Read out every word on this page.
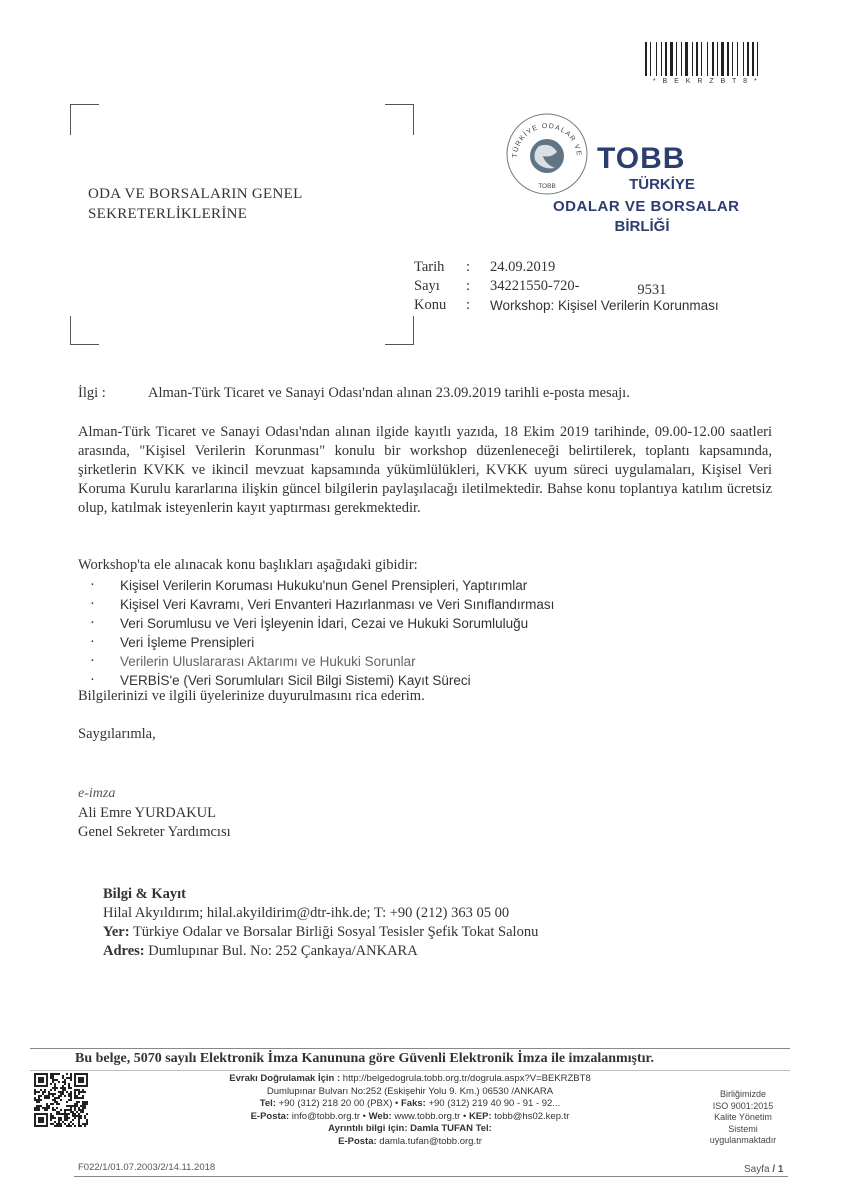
* B E K R Z B T 8 *
TÜRKİYE ODALAR VE
TOBB
TOBB
TÜRKİYE
ODALAR VE BORSALAR
BİRLİĞİ
ODA VE BORSALARIN GENEL
SEKRETERLİKLERİNE
Tarih	:	24.09.2019
Sayı	:	34221550-720-	9531
Konu	:	Workshop: Kişisel Verilerin Korunması
İlgi :	Alman-Türk Ticaret ve Sanayi Odası'ndan alınan 23.09.2019 tarihli e-posta mesajı.
Alman-Türk Ticaret ve Sanayi Odası'ndan alınan ilgide kayıtlı yazıda, 18 Ekim 2019 tarihinde, 09.00-12.00 saatleri arasında, "Kişisel Verilerin Korunması" konulu bir workshop düzenleneceği belirtilerek, toplantı kapsamında, şirketlerin KVKK ve ikincil mevzuat kapsamında yükümlülükleri, KVKK uyum süreci uygulamaları, Kişisel Veri Koruma Kurulu kararlarına ilişkin güncel bilgilerin paylaşılacağı iletilmektedir. Bahse konu toplantıya katılım ücretsiz olup, katılmak isteyenlerin kayıt yaptırması gerekmektedir.
Workshop'ta ele alınacak konu başlıkları aşağıdaki gibidir:
·	Kişisel Verilerin Koruması Hukuku'nun Genel Prensipleri, Yaptırımlar
·	Kişisel Veri Kavramı, Veri Envanteri Hazırlanması ve Veri Sınıflandırması
·	Veri Sorumlusu ve Veri İşleyenin İdari, Cezai ve Hukuki Sorumluluğu
·	Veri İşleme Prensipleri
·	Verilerin Uluslararası Aktarımı ve Hukuki Sorunlar
·	VERBİS'e (Veri Sorumluları Sicil Bilgi Sistemi) Kayıt Süreci
Bilgilerinizi ve ilgili üyelerinize duyurulmasını rica ederim.
Saygılarımla,
e-imza
Ali Emre YURDAKUL
Genel Sekreter Yardımcısı
Bilgi & Kayıt
Hilal Akyıldırım; hilal.akyildirim@dtr-ihk.de; T: +90 (212) 363 05 00
Yer: Türkiye Odalar ve Borsalar Birliği Sosyal Tesisler Şefik Tokat Salonu
Adres: Dumlupınar Bul. No: 252 Çankaya/ANKARA
Bu belge, 5070 sayılı Elektronik İmza Kanununa göre Güvenli Elektronik İmza ile imzalanmıştır.
Evrakı Doğrulamak İçin : http://belgedogrula.tobb.org.tr/dogrula.aspx?V=BEKRZBT8
Dumlupınar Bulvarı No:252 (Eskişehir Yolu 9. Km.) 06530 /ANKARA
Tel: +90 (312) 218 20 00 (PBX) • Faks: +90 (312) 219 40 90 - 91 - 92...
E-Posta: info@tobb.org.tr • Web: www.tobb.org.tr • KEP: tobb@hs02.kep.tr
Ayrıntılı bilgi için: Damla TUFAN Tel:
E-Posta: damla.tufan@tobb.org.tr
Birliğimizde
ISO 9001:2015
Kalite Yönetim
Sistemi
uygulanmaktadır
F022/1/01.07.2003/2/14.11.2018	Sayfa / 1
